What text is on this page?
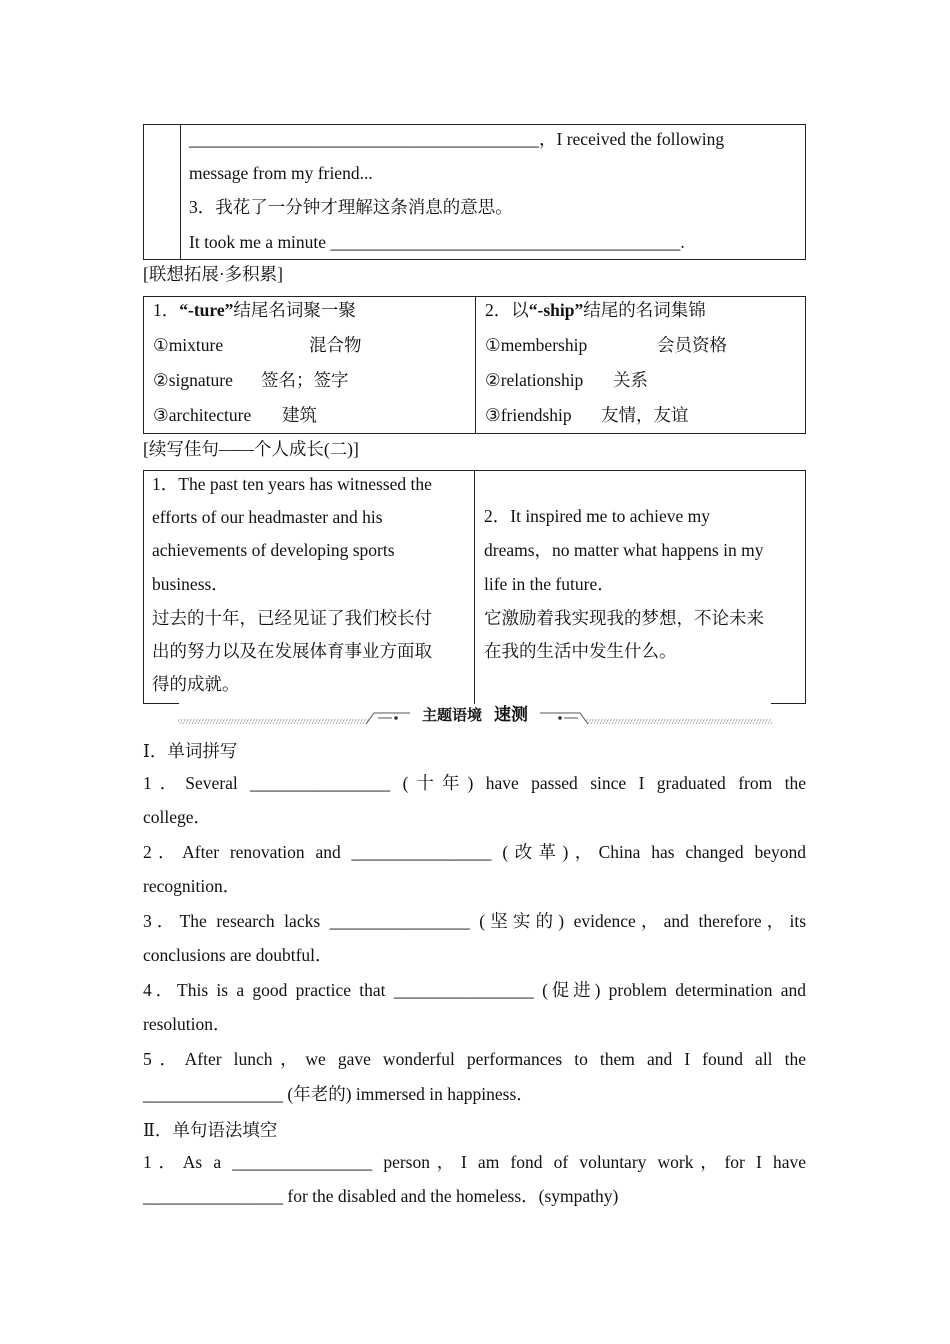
________________________________________，I received the following
message from my friend...
3．我花了一分钟才理解这条消息的意思。
It took me a minute ________________________________________.
[联想拓展·多积累]
1．“-ture”结尾名词聚一聚
①mixture	混合物
②signature 签名；签字
③architecture 建筑
2．以“-ship”结尾的名词集锦
①membership	会员资格
②relationship 关系
③friendship 友情，友谊
[续写佳句——个人成长(二)]
1．The past ten years has witnessed the
efforts of our headmaster and his
achievements of developing sports
business．
过去的十年，已经见证了我们校长付
出的努力以及在发展体育事业方面取
得的成就。
2．It inspired me to achieve my
dreams，no matter what happens in my
life in the future．
它激励着我实现我的梦想，不论未来
在我的生活中发生什么。
主题语境 速测
Ⅰ．单词拼写
1．Several ________________ (十年) have passed since I graduated from the
college．
2．After renovation and ________________ (改革)，China has changed beyond
recognition．
3．The research lacks ________________ (坚实的) evidence，and therefore，its
conclusions are doubtful．
4．This is a good practice that ________________ (促进) problem determination and
resolution．
5．After lunch，we gave wonderful performances to them and I found all the
________________ (年老的) immersed in happiness．
Ⅱ．单句语法填空
1．As a ________________ person，I am fond of voluntary work，for I have
________________ for the disabled and the homeless．(sympathy)
